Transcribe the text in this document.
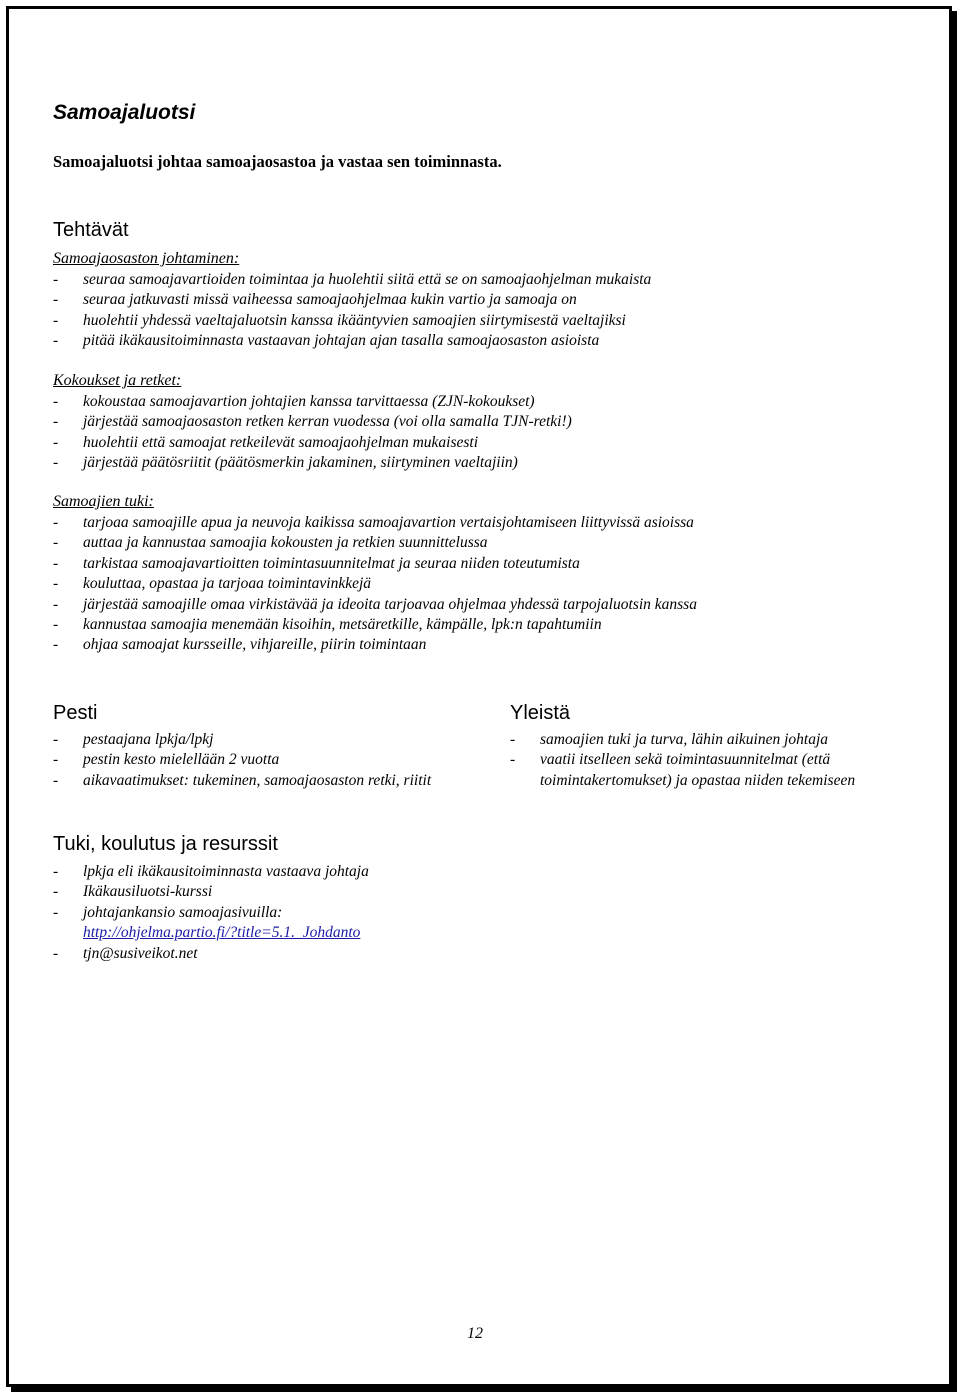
Samoajaluotsi
Samoajaluotsi johtaa samoajaosastoa ja vastaa sen toiminnasta.
Tehtävät
Samoajaosaston johtaminen:
- seuraa samoajavartioiden toimintaa ja huolehtii siitä että se on samoajaohjelman mukaista
- seuraa jatkuvasti missä vaiheessa samoajaohjelmaa kukin vartio ja samoaja on
- huolehtii yhdessä vaeltajaluotsin kanssa ikääntyvien samoajien siirtymisestä vaeltajiksi
- pitää ikäkausitoiminnasta vastaavan johtajan ajan tasalla samoajaosaston asioista
Kokoukset ja retket:
- kokoustaa samoajavartion johtajien kanssa tarvittaessa (ZJN-kokoukset)
- järjestää samoajaosaston retken kerran vuodessa (voi olla samalla TJN-retki!)
- huolehtii että samoajat retkeilevät samoajaohjelman mukaisesti
- järjestää päätösriitit (päätösmerkin jakaminen, siirtyminen vaeltajiin)
Samoajien tuki:
- tarjoaa samoajille apua ja neuvoja kaikissa samoajavartion vertaisjohtamiseen liittyvissä asioissa
- auttaa ja kannustaa samoajia kokousten ja retkien suunnittelussa
- tarkistaa samoajavartioitten toimintasuunnitelmat ja seuraa niiden toteutumista
- kouluttaa, opastaa ja tarjoaa toimintavinkkejä
- järjestää samoajille omaa virkistävää ja ideoita tarjoavaa ohjelmaa yhdessä tarpojaluotsin kanssa
- kannustaa samoajia menemään kisoihin, metsäretkille, kämpälle, lpk:n tapahtumiin
- ohjaa samoajat kursseille, vihjareille, piirin toimintaan
Pesti
- pestaajana lpkja/lpkj
- pestin kesto mielellään 2 vuotta
- aikavaatimukset: tukeminen, samoajaosaston retki, riitit
Yleistä
- samoajien tuki ja turva, lähin aikuinen johtaja
- vaatii itselleen sekä toimintasuunnitelmat (että toimintakertomukset) ja opastaa niiden tekemiseen
Tuki, koulutus ja resurssit
- lpkja eli ikäkausitoiminnasta vastaava johtaja
- Ikäkausiluotsi-kurssi
- johtajankansio samoajasivuilla:
http://ohjelma.partio.fi/?title=5.1._Johdanto
- tjn@susiveikot.net
12
